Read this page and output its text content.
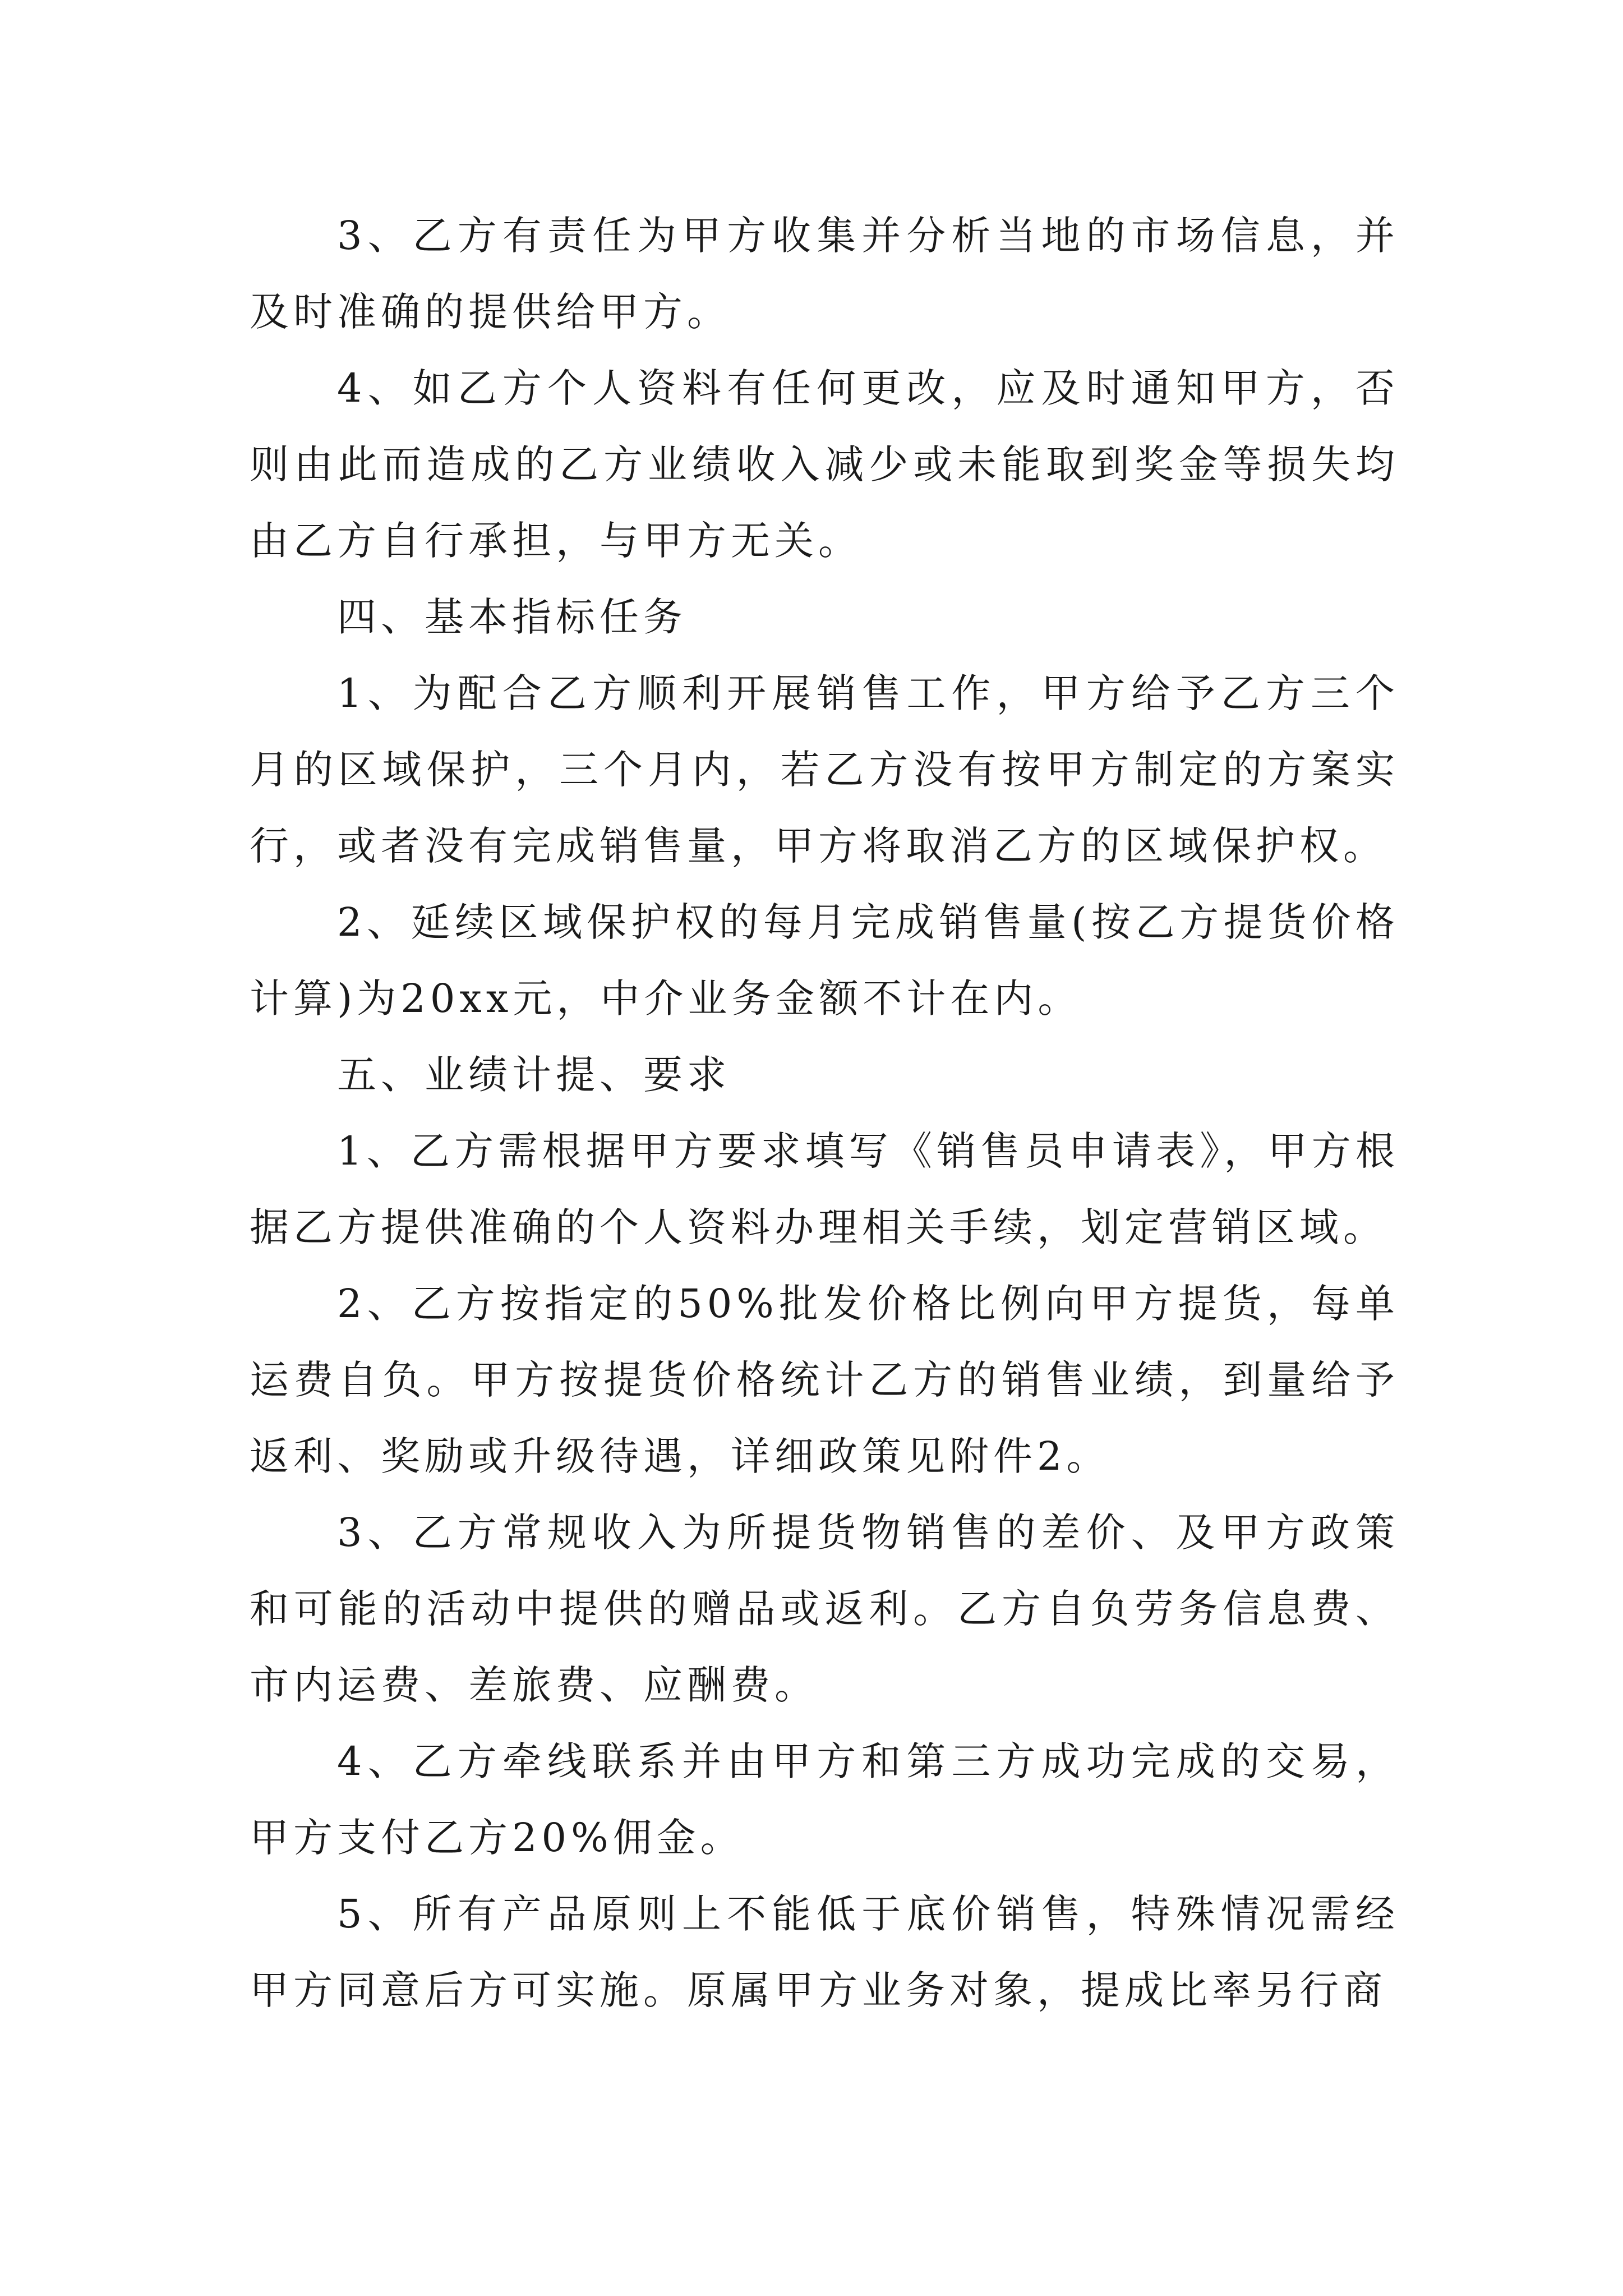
3、乙方有责任为甲方收集并分析当地的市场信息，并及时准确的提供给甲方。

4、如乙方个人资料有任何更改，应及时通知甲方，否则由此而造成的乙方业绩收入减少或未能取到奖金等损失均由乙方自行承担，与甲方无关。

四、基本指标任务

1、为配合乙方顺利开展销售工作，甲方给予乙方三个月的区域保护，三个月内，若乙方没有按甲方制定的方案实行，或者没有完成销售量，甲方将取消乙方的区域保护权。

2、延续区域保护权的每月完成销售量(按乙方提货价格计算)为20xx元，中介业务金额不计在内。

五、业绩计提、要求

1、乙方需根据甲方要求填写《销售员申请表》，甲方根据乙方提供准确的个人资料办理相关手续，划定营销区域。

2、乙方按指定的50%批发价格比例向甲方提货，每单运费自负。甲方按提货价格统计乙方的销售业绩，到量给予返利、奖励或升级待遇，详细政策见附件2。

3、乙方常规收入为所提货物销售的差价、及甲方政策和可能的活动中提供的赠品或返利。乙方自负劳务信息费、市内运费、差旅费、应酬费。

4、乙方牵线联系并由甲方和第三方成功完成的交易，甲方支付乙方20%佣金。

5、所有产品原则上不能低于底价销售，特殊情况需经甲方同意后方可实施。原属甲方业务对象，提成比率另行商
